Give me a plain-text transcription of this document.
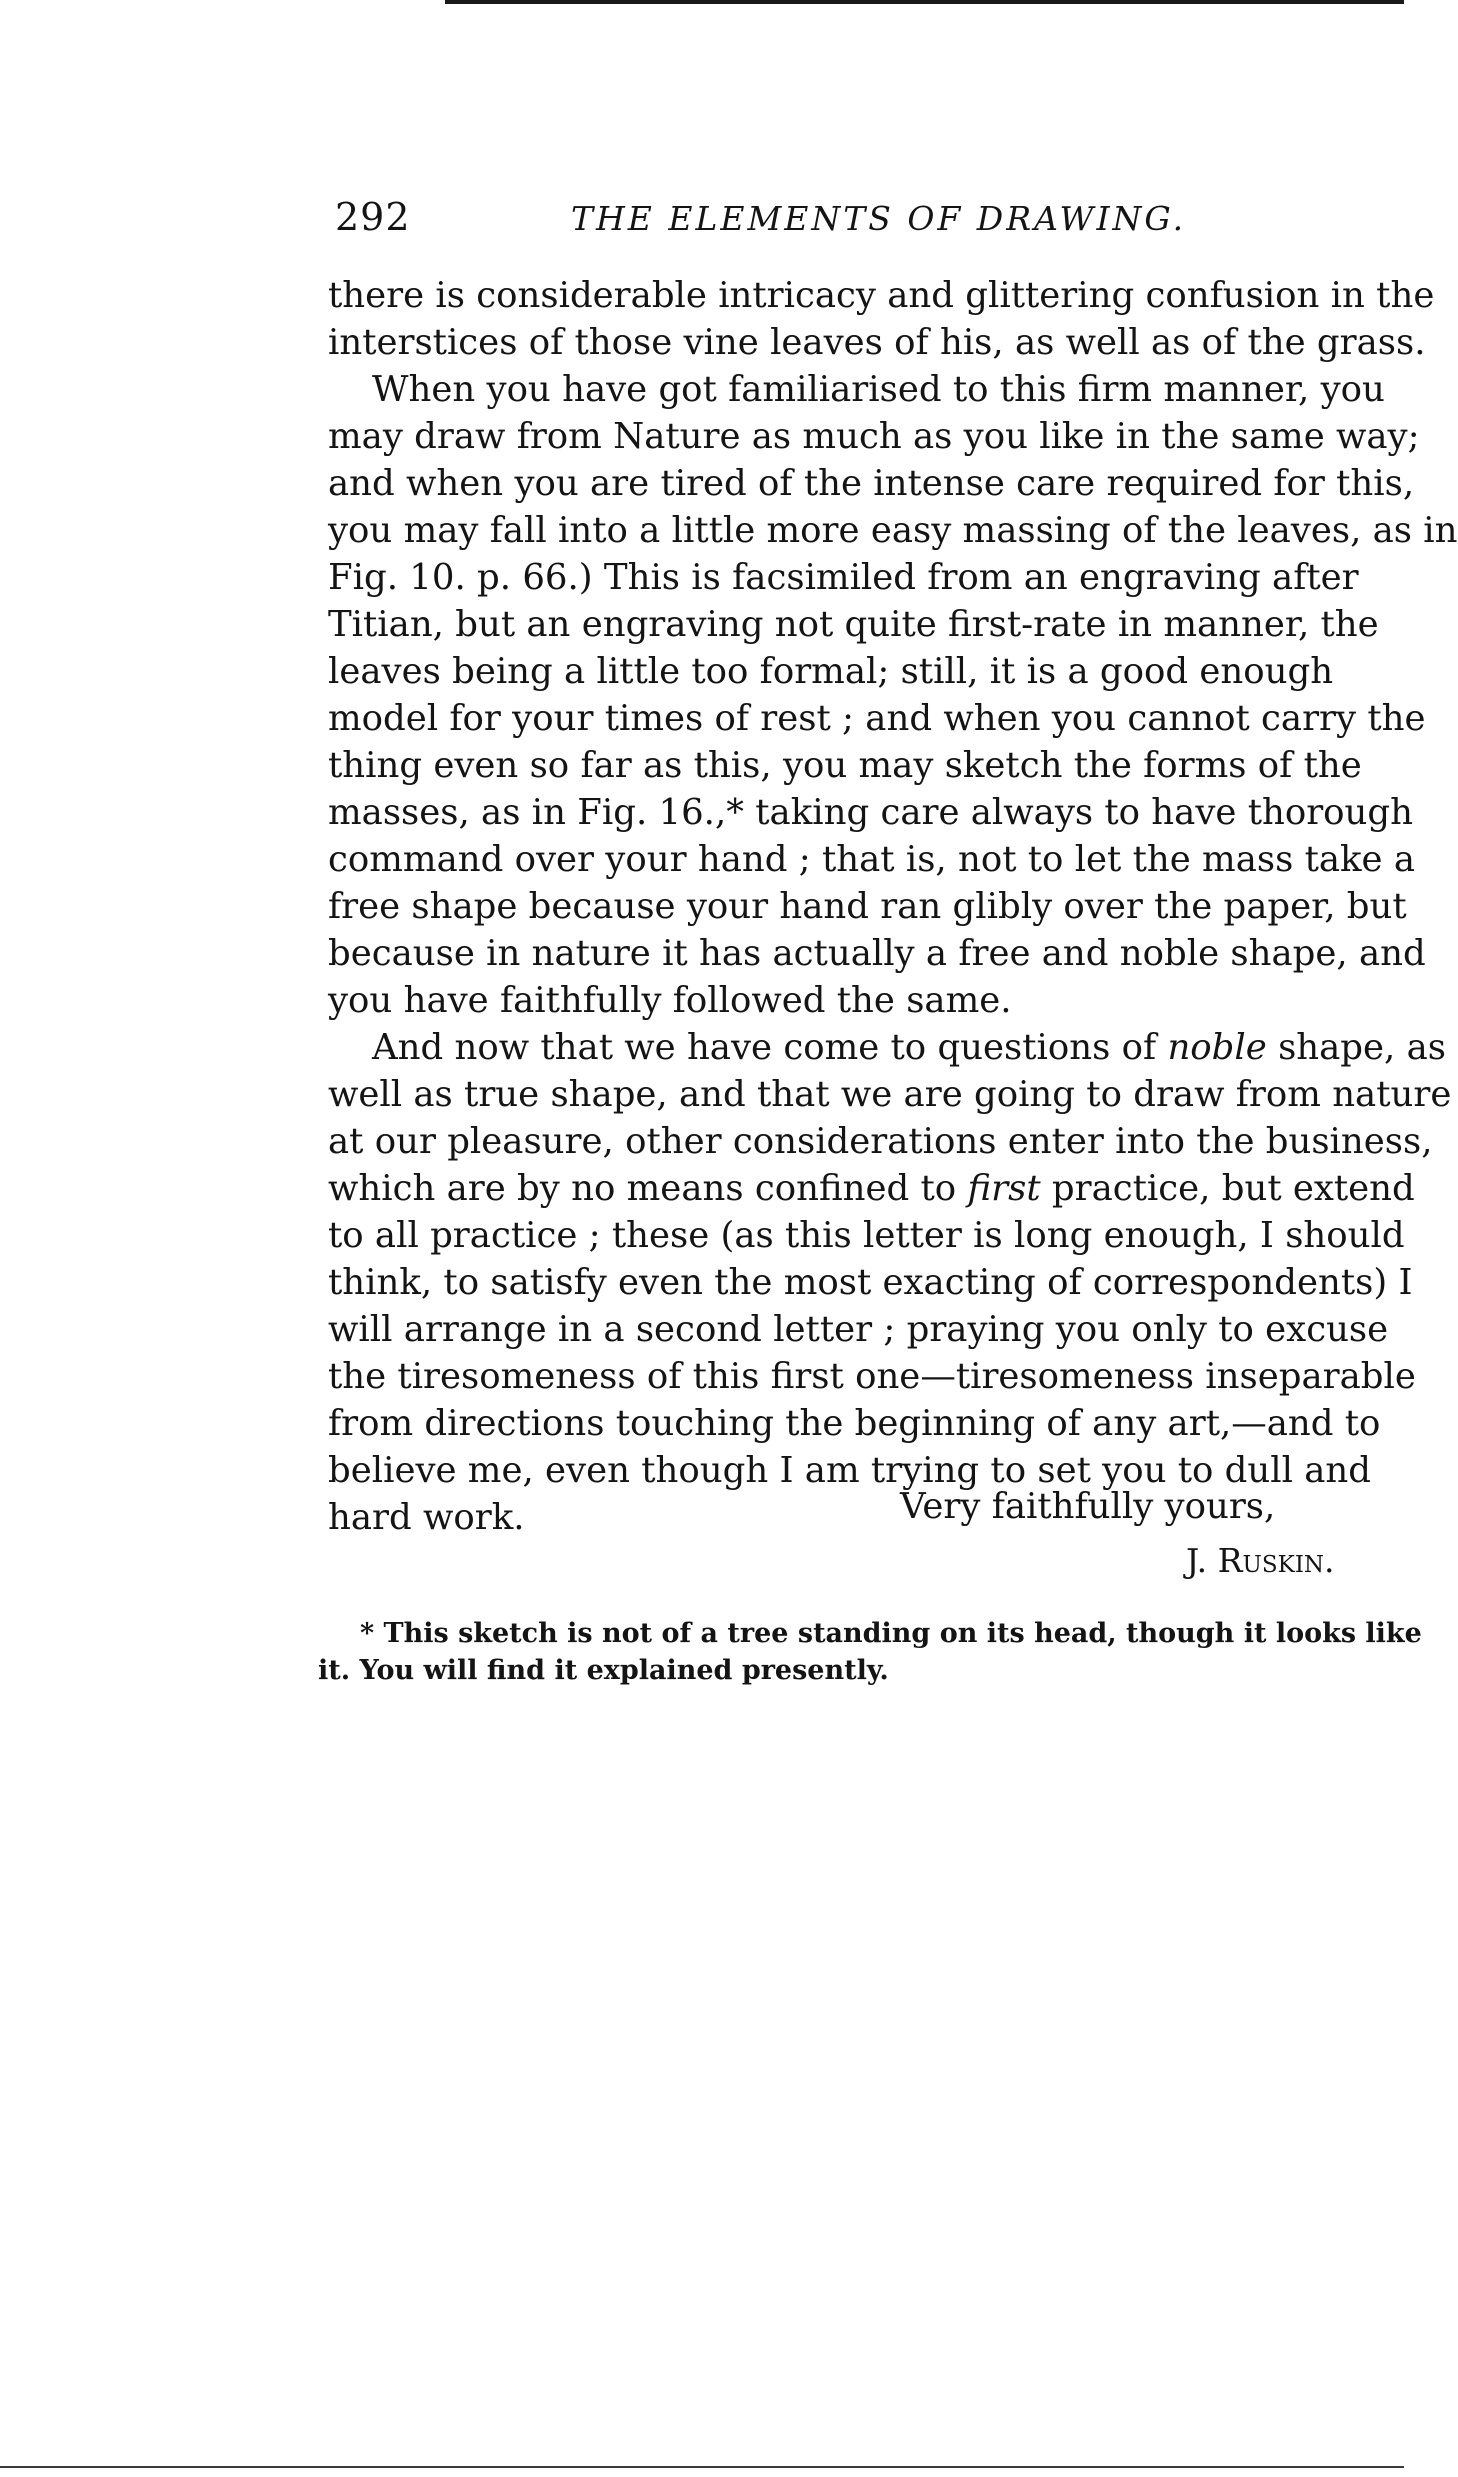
292	THE ELEMENTS OF DRAWING.
there is considerable intricacy and glittering confusion in the
interstices of those vine leaves of his, as well as of the grass.
When you have got familiarised to this firm manner, you
may draw from Nature as much as you like in the same way;
and when you are tired of the intense care required for this,
you may fall into a little more easy massing of the leaves, as in
Fig. 10. p. 66.) This is facsimiled from an engraving after
Titian, but an engraving not quite first-rate in manner, the
leaves being a little too formal; still, it is a good enough
model for your times of rest ; and when you cannot carry the
thing even so far as this, you may sketch the forms of the
masses, as in Fig. 16.,* taking care always to have thorough
command over your hand ; that is, not to let the mass take a
free shape because your hand ran glibly over the paper, but
because in nature it has actually a free and noble shape, and
you have faithfully followed the same.
And now that we have come to questions of noble shape, as
well as true shape, and that we are going to draw from nature
at our pleasure, other considerations enter into the business,
which are by no means confined to first practice, but extend
to all practice ; these (as this letter is long enough, I should
think, to satisfy even the most exacting of correspondents) I
will arrange in a second letter ; praying you only to excuse
the tiresomeness of this first one—tiresomeness inseparable
from directions touching the beginning of any art,—and to
believe me, even though I am trying to set you to dull and
hard work.	Very faithfully yours,
J. Ruskin.
* This sketch is not of a tree standing on its head, though it looks like
it. You will find it explained presently.
